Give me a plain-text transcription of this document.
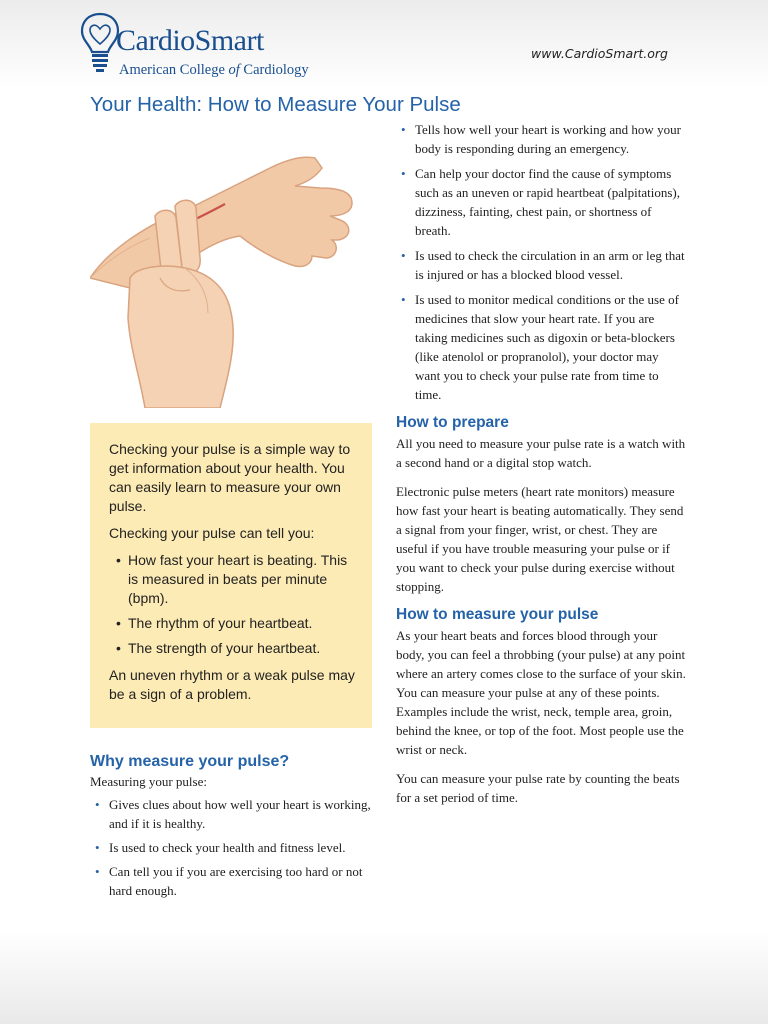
CardioSmart
American College of Cardiology
www.CardioSmart.org
Your Health: How to Measure Your Pulse

Checking your pulse is a simple way to get information about your health. You can easily learn to measure your own pulse.

Checking your pulse can tell you:

• How fast your heart is beating. This is measured in beats per minute (bpm).
• The rhythm of your heartbeat.
• The strength of your heartbeat.

An uneven rhythm or a weak pulse may be a sign of a problem.

Why measure your pulse?

Measuring your pulse:

• Gives clues about how well your heart is working, and if it is healthy.
• Is used to check your health and fitness level.
• Can tell you if you are exercising too hard or not hard enough.
• Tells how well your heart is working and how your body is responding during an emergency.
• Can help your doctor find the cause of symptoms such as an uneven or rapid heartbeat (palpitations), dizziness, fainting, chest pain, or shortness of breath.
• Is used to check the circulation in an arm or leg that is injured or has a blocked blood vessel.
• Is used to monitor medical conditions or the use of medicines that slow your heart rate. If you are taking medicines such as digoxin or beta-blockers (like atenolol or propranolol), your doctor may want you to check your pulse rate from time to time.
How to prepare

All you need to measure your pulse rate is a watch with a second hand or a digital stop watch.

Electronic pulse meters (heart rate monitors) measure how fast your heart is beating automatically. They send a signal from your finger, wrist, or chest. They are useful if you have trouble measuring your pulse or if you want to check your pulse during exercise without stopping.

How to measure your pulse

As your heart beats and forces blood through your body, you can feel a throbbing (your pulse) at any point where an artery comes close to the surface of your skin. You can measure your pulse at any of these points. Examples include the wrist, neck, temple area, groin, behind the knee, or top of the foot. Most people use the wrist or neck.

You can measure your pulse rate by counting the beats for a set period of time.
